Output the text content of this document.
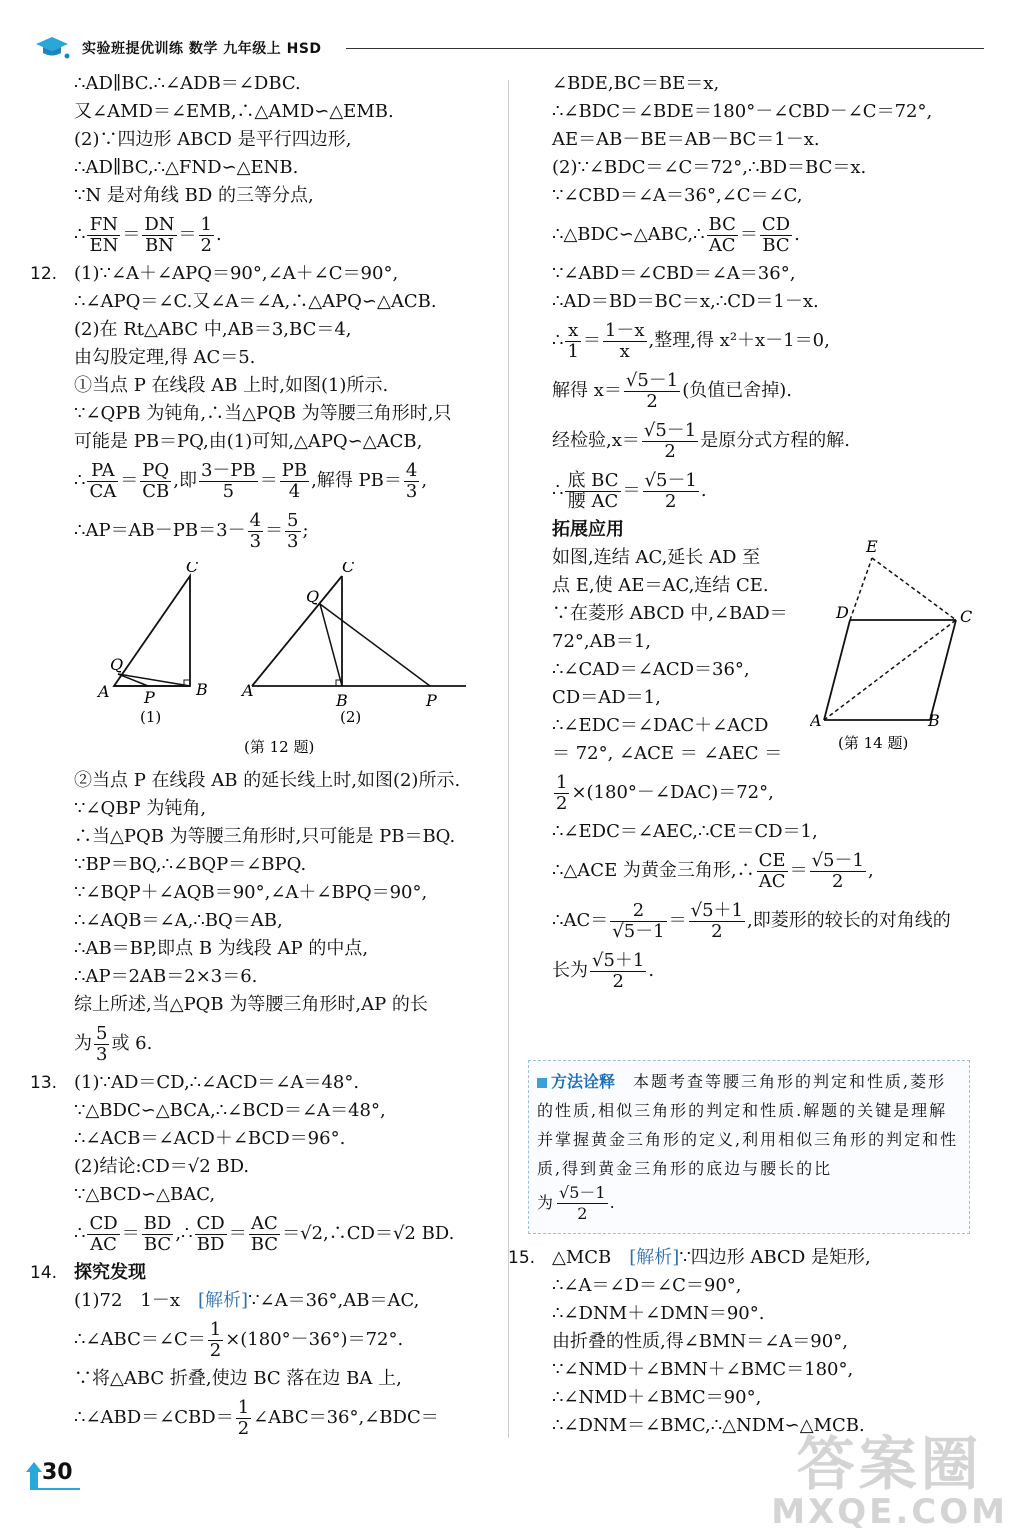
实验班提优训练 数学 九年级上 HSD
∴AD∥BC.∴∠ADB＝∠DBC.
又∠AMD＝∠EMB,∴△AMD∽△EMB.
(2)∵四边形 ABCD 是平行四边形,
∴AD∥BC,∴△FND∽△ENB.
∵N 是对角线 BD 的三等分点,
∴ $\frac{FN}{EN} = \frac{DN}{BN} = \frac{1}{2}$ .
12. (1)∵∠A＋∠APQ＝90°,∠A＋∠C＝90°,
∴∠APQ＝∠C.又∠A＝∠A,∴△APQ∽△ACB.
(2)在 Rt△ABC 中,AB＝3,BC＝4,
由勾股定理,得 AC＝5.
①当点 P 在线段 AB 上时,如图(1)所示.
∵∠QPB 为钝角,∴当△PQB 为等腰三角形时,只
可能是 PB＝PQ,由(1)可知,△APQ∽△ACB,
∴ $\frac{PA}{CA} = \frac{PQ}{CB}$ ,即 $\frac{3-PB}{5} = \frac{PB}{4}$ ,解得 $PB= \frac{4}{3}$ ,
∴AP＝AB－PB＝3－ $\frac{4}{3} = \frac{5}{3}$ ;
C
Q
A P	B
(1)
C
Q
A
B	P
(2)
(第 12 题)
②当点 P 在线段 AB 的延长线上时,如图(2)所示.
∵∠QBP 为钝角,
∴当△PQB 为等腰三角形时,只可能是 PB＝BQ.
∵BP＝BQ,∴∠BQP＝∠BPQ.
∵∠BQP＋∠AQB＝90°,∠A＋∠BPQ＝90°,
∴∠AQB＝∠A,∴BQ＝AB,
∴AB＝BP,即点 B 为线段 AP 的中点,
∴AP＝2AB＝2×3＝6.
综上所述,当△PQB 为等腰三角形时,AP 的长
为 $\frac{5}{3}$ 或 6.
13. (1)∵AD＝CD,∴∠ACD＝∠A＝48°.
∵△BDC∽△BCA,∴∠BCD＝∠A＝48°,
∴∠ACB＝∠ACD＋∠BCD＝96°.
(2)结论:CD＝√2 BD.
∵△BCD∽△BAC,
∴ $\frac{CD}{AC} = \frac{BD}{BC}$ ,∴ $\frac{CD}{BD} = \frac{AC}{BC}$ ＝√2,∴CD＝√2 BD.
14. 探究发现
(1)72　1－x　[解析]∵∠A＝36°,AB＝AC,
∴∠ABC＝∠C＝ $\frac{1}{2} \times(180^\circ-36^\circ)=72^\circ$.
∵将△ABC 折叠,使边 BC 落在边 BA 上,
∴∠ABD＝∠CBD＝ $\frac{1}{2}$ ∠ABC＝36°,∠BDC＝
∠BDE,BC＝BE＝x,
∴∠BDC＝∠BDE＝180°－∠CBD－∠C＝72°,
AE＝AB－BE＝AB－BC＝1－x.
(2)∵∠BDC＝∠C＝72°,∴BD＝BC＝x.
∵∠CBD＝∠A＝36°,∠C＝∠C,
∴△BDC∽△ABC,∴ $\frac{BC}{AC} = \frac{CD}{BC}$ .
∵∠ABD＝∠CBD＝∠A＝36°,
∴AD＝BD＝BC＝x,∴CD＝1－x.
∴ $\frac{x}{1} = \frac{1-x}{x}$ ,整理,得 x²＋x－1＝0,
解得 $x= \frac{√5-1}{2}$ (负值已舍掉).
经检验$,x= \frac{√5-1}{2}$ 是原分式方程的解.
∴ $\frac{\text{底 BC}}{\text{腰 AC}} = \frac{√5-1}{2}$ .
拓展应用
如图,连结 AC,延长 AD 至
点 E,使 AE＝AC,连结 CE.
∵在菱形 ABCD 中,∠BAD＝
72°,AB＝1,
∴∠CAD＝∠ACD＝36°,
CD＝AD＝1,
∴∠EDC＝∠DAC＋∠ACD
＝ 72°, ∠ACE ＝ ∠AEC ＝
$\frac{1}{2}$ ×(180°－∠DAC)＝72°,
E
D	C
A	B
(第 14 题)
∴∠EDC＝∠AEC,∴CE＝CD＝1,
∴△ACE 为黄金三角形,∴ $\frac{CE}{AC} = \frac{√5-1}{2}$ ,
∴AC＝ $\frac{2}{√5-1} = \frac{√5+1}{2}$ ,即菱形的较长的对角线的
长为 $\frac{√5+1}{2}$ .
方法诠释　 本题考查等腰三角形的判定和性质,菱形的性质,相似三角形的判定和性质.解题的关键是理解并掌握黄金三角形的定义,利用相似三角形的判定和性质,得到黄金三角形的底边与腰长的比
为 $\frac{√5-1}{2}$ .
15. △MCB　[解析]∵四边形 ABCD 是矩形,
∴∠A＝∠D＝∠C＝90°,
∴∠DNM＋∠DMN＝90°.
由折叠的性质,得∠BMN＝∠A＝90°,
∵∠NMD＋∠BMN＋∠BMC＝180°,
∴∠NMD＋∠BMC＝90°,
∴∠DNM＝∠BMC,∴△NDM∽△MCB.
30	答案圈
MXQE.COM
